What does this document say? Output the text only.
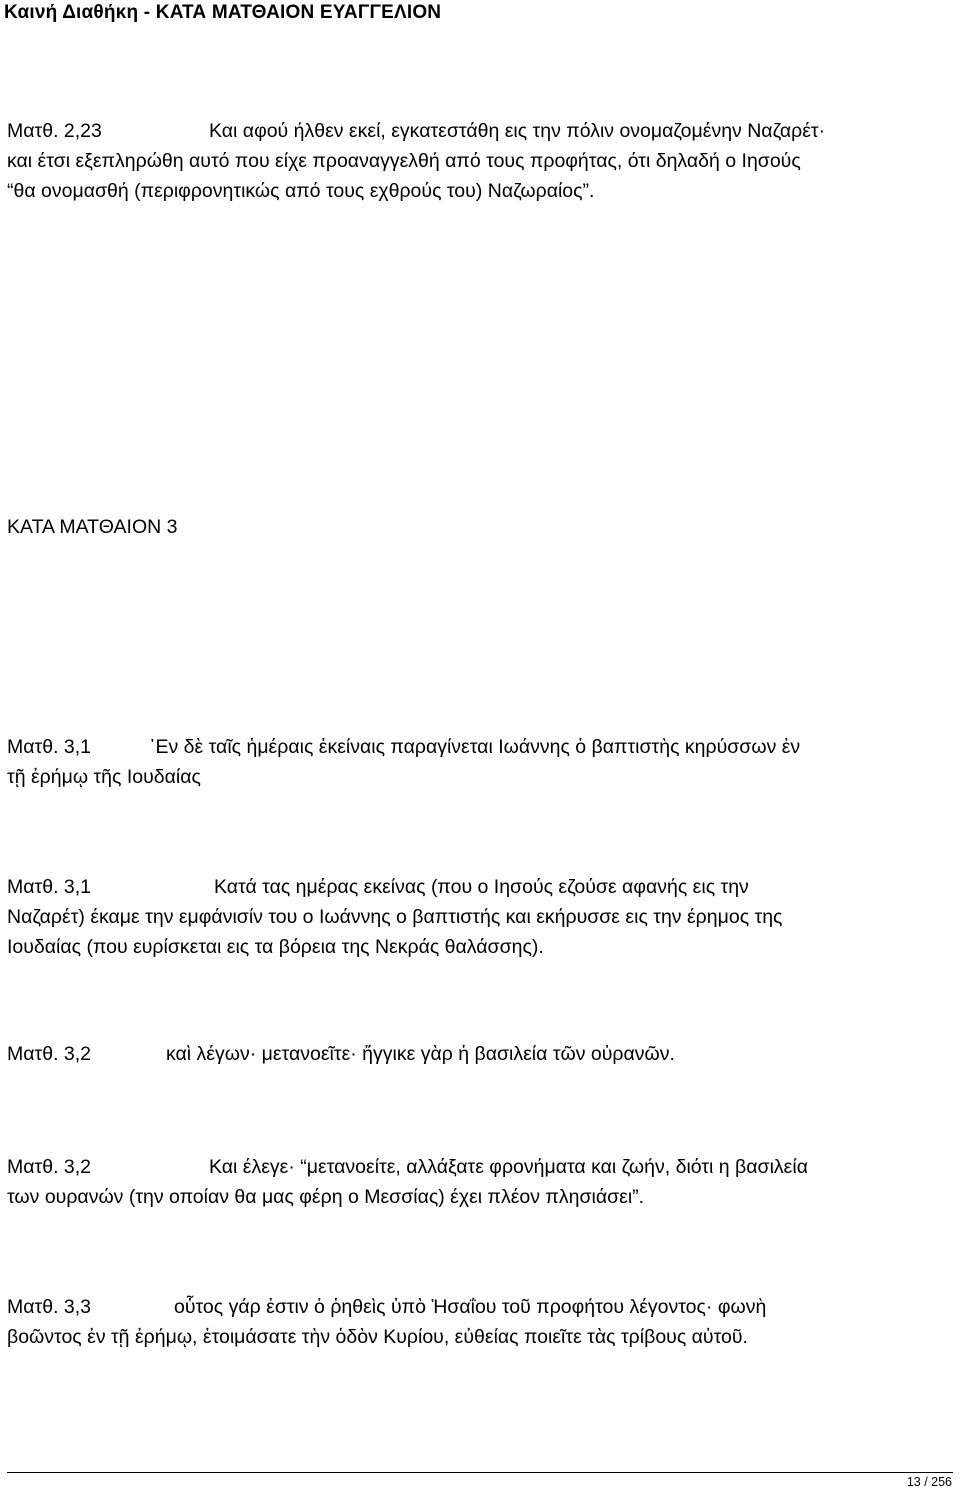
Καινή Διαθήκη - ΚΑΤΑ ΜΑΤΘΑΙΟΝ ΕΥΑΓΓΕΛΙΟΝ
Ματθ. 2,23	Και αφού ήλθεν εκεί, εγκατεστάθη εις την πόλιν ονομαζομένην Ναζαρέτ·
και έτσι εξεπληρώθη αυτό που είχε προαναγγελθή από τους προφήτας, ότι δηλαδή ο Ιησούς
“θα ονομασθή (περιφρονητικώς από τους εχθρούς του) Ναζωραίος”.
ΚΑΤΑ ΜΑΤΘΑΙΟΝ 3
Ματθ. 3,1	᾿Εν δὲ ταῖς ἡμέραις ἐκείναις παραγίνεται Ιωάννης ὁ βαπτιστὴς κηρύσσων ἐν
τῇ ἐρήμῳ τῆς Ιουδαίας
Ματθ. 3,1	Κατά τας ημέρας εκείνας (που ο Ιησούς εζούσε αφανής εις την
Ναζαρέτ) έκαμε την εμφάνισίν του ο Ιωάννης ο βαπτιστής και εκήρυσσε εις την έρημος της
Ιουδαίας (που ευρίσκεται εις τα βόρεια της Νεκράς θαλάσσης).
Ματθ. 3,2	καὶ λέγων· μετανοεῖτε· ἤγγικε γὰρ ἡ βασιλεία τῶν οὐρανῶν.
Ματθ. 3,2	Και έλεγε· “μετανοείτε, αλλάξατε φρονήματα και ζωήν, διότι η βασιλεία
των ουρανών (την οποίαν θα μας φέρη ο Μεσσίας) έχει πλέον πλησιάσει”.
Ματθ. 3,3	οὗτος γάρ ἐστιν ὁ ῥηθεὶς ὑπὸ Ἠσαΐου τοῦ προφήτου λέγοντος· φωνὴ
βοῶντος ἐν τῇ ἐρήμῳ, ἑτοιμάσατε τὴν ὁδὸν Κυρίου, εὐθείας ποιεῖτε τὰς τρίβους αὐτοῦ.
13 / 256
